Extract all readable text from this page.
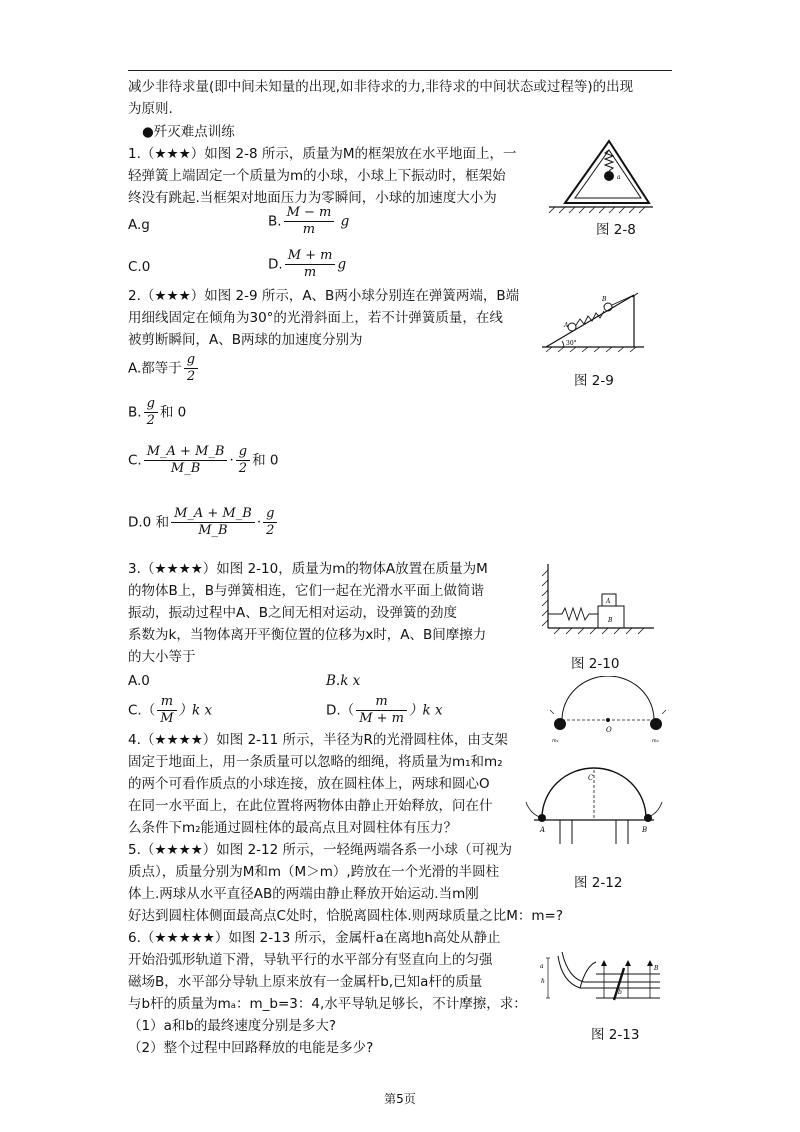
减少非待求量(即中间未知量的出现,如非待求的力,非待求的中间状态或过程等)的出现
为原则.
●歼灭难点训练
1.（★★★）如图 2-8 所示，质量为M的框架放在水平地面上，一
轻弹簧上端固定一个质量为m的小球，小球上下振动时，框架始
终没有跳起.当框架对地面压力为零瞬间，小球的加速度大小为
A.g	B. $\frac{M - m}{m}$ g
C.0	D. $\frac{M + m}{m}$ g
a
图 2-8
2.（★★★）如图 2-9 所示，A、B两小球分别连在弹簧两端，B端
用细线固定在倾角为30°的光滑斜面上，若不计弹簧质量，在线
被剪断瞬间，A、B两球的加速度分别为
A.都等于 $\frac{g}{2}$
B. $\frac{g}{2}$ 和 0
C. $\frac{M\_A + M\_B}{M\_B} \cdot \frac{g}{2}$ 和 0
D.0 和 $\frac{M\_A + M\_B}{M\_B} \cdot \frac{g}{2}$
A
B
30°
图 2-9
3.（★★★★）如图 2-10，质量为m的物体A放置在质量为M
的物体B上，B与弹簧相连，它们一起在光滑水平面上做简谐
振动，振动过程中A、B之间无相对运动，设弹簧的劲度
系数为k，当物体离开平衡位置的位移为x时，A、B间摩擦力
的大小等于
A.0	B.k x
$C.( \frac{m}{M} )k$ x	$D.( \frac{m}{M + m} )k$ x
A
B
图 2-10
m₁	m₂
O
4.（★★★★）如图 2-11 所示，半径为R的光滑圆柱体，由支架
固定于地面上，用一条质量可以忽略的细绳，将质量为m₁和m₂
的两个可看作质点的小球连接，放在圆柱体上，两球和圆心O
在同一水平面上，在此位置将两物体由静止开始释放，问在什
么条件下m₂能通过圆柱体的最高点且对圆柱体有压力？	A	B
C
图 2-12
5.（★★★★）如图 2-12 所示，一轻绳两端各系一小球（可视为
质点），质量分别为M和m（M＞m）,跨放在一个光滑的半圆柱
体上.两球从水平直径AB的两端由静止释放开始运动.当m刚
好达到圆柱体侧面最高点C处时，恰脱离圆柱体.则两球质量之比M：m=?
6.（★★★★★）如图 2-13 所示，金属杆a在离地h高处从静止
开始沿弧形轨道下滑，导轨平行的水平部分有竖直向上的匀强
磁场B，水平部分导轨上原来放有一金属杆b,已知a杆的质量
与b杆的质量为mₐ：m_b=3：4,水平导轨足够长，不计摩擦，求：
（1）a和b的最终速度分别是多大?
（2）整个过程中回路释放的电能是多少?
a
h
b
B
图 2-13
第5页
